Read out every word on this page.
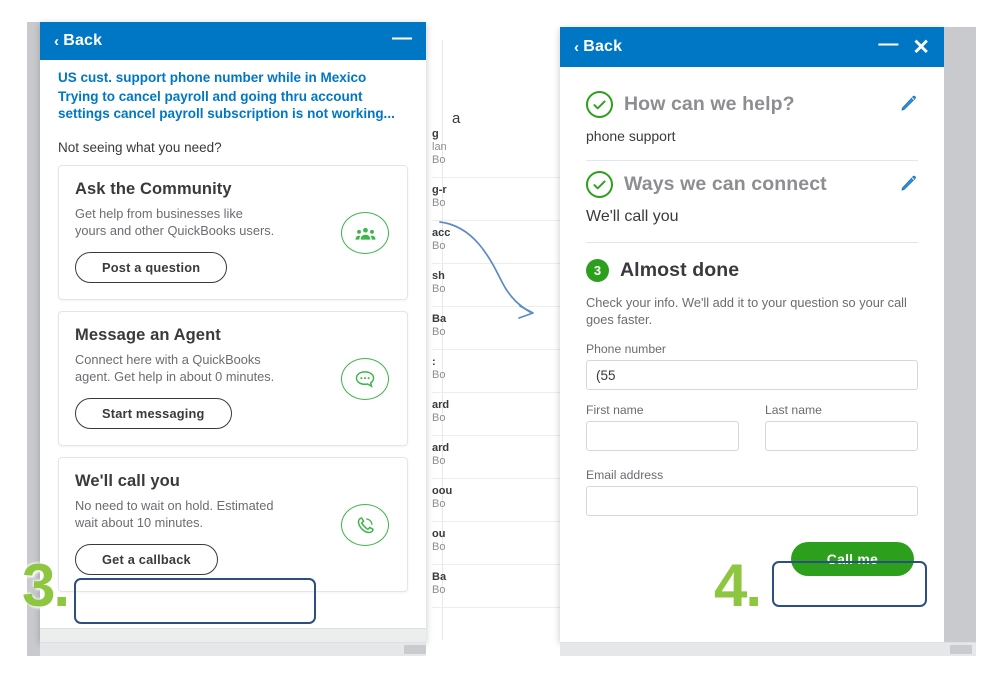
a
g
lan
Bo
g-r
Bo
acc
Bo
sh
Bo
Ba
Bo
:
Bo
ard
Bo
ard
Bo
oou
Bo
ou
Bo
Ba
Bo
‹ Back	—
US cust. support phone number while in Mexico
Trying to cancel payroll and going thru account settings cancel payroll subscription is not working...
Not seeing what you need?
Ask the Community

Get help from businesses like yours and other QuickBooks users.

Post a question
Message an Agent

Connect here with a QuickBooks agent. Get help in about 0 minutes.

Start messaging
We'll call you

No need to wait on hold. Estimated wait about 10 minutes.

Get a callback
3.
‹ Back	— ✕
How can we help?
phone support
Ways we can connect
We'll call you
3 Almost done
Check your info. We'll add it to your question so your call goes faster.
Phone number
(55
First name	Last name
Email address
Call me
4.
